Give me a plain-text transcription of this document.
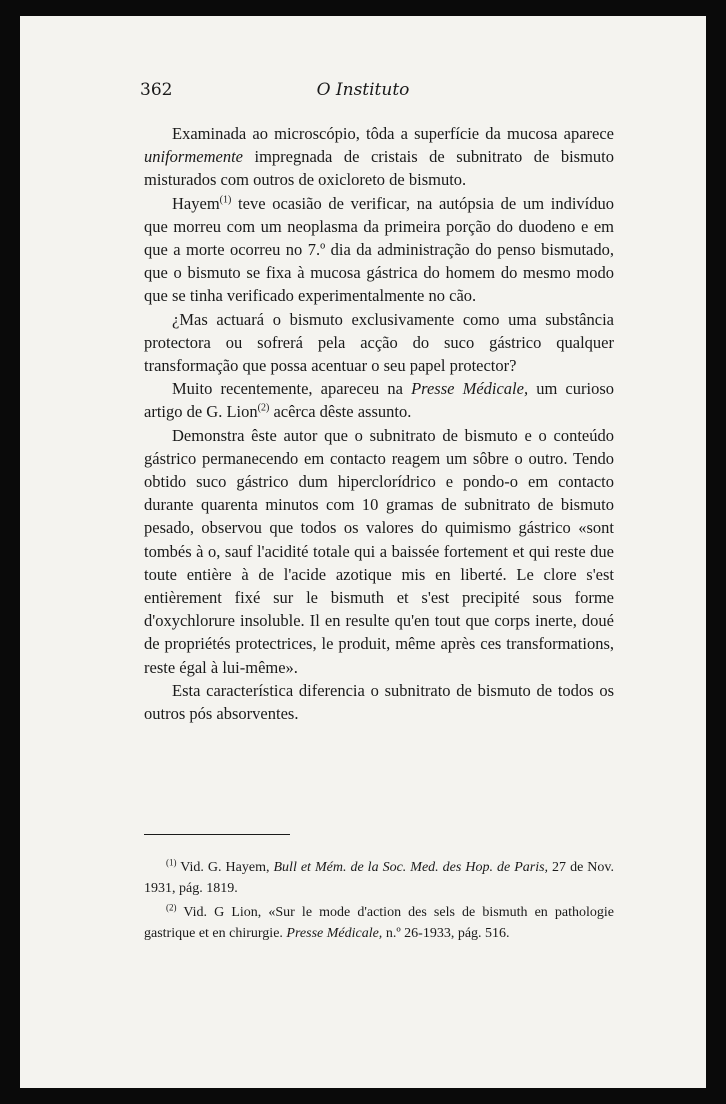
362	O Instituto

Examinada ao microscópio, tôda a superfície da mucosa aparece uniformemente impregnada de cristais de subnitrato de bismuto misturados com outros de oxicloreto de bismuto.

Hayem$^{(1)}$ teve ocasião de verificar, na autópsia de um indivíduo que morreu com um neoplasma da primeira porção do duodeno e em que a morte ocorreu no 7.º dia da administração do penso bismutado, que o bismuto se fixa à mucosa gástrica do homem do mesmo modo que se tinha verificado experimentalmente no cão.

¿Mas actuará o bismuto exclusivamente como uma substância protectora ou sofrerá pela acção do suco gástrico qualquer transformação que possa acentuar o seu papel protector?

Muito recentemente, apareceu na Presse Médicale, um curioso artigo de G. Lion$^{(2)}$ acêrca dêste assunto.

Demonstra êste autor que o subnitrato de bismuto e o conteúdo gástrico permanecendo em contacto reagem um sôbre o outro. Tendo obtido suco gástrico dum hiperclorídrico e pondo-o em contacto durante quarenta minutos com 10 gramas de subnitrato de bismuto pesado, observou que todos os valores do quimismo gástrico «sont tombés à o, sauf l'acidité totale qui a baissée fortement et qui reste due toute entière à de l'acide azotique mis en liberté. Le clore s'est entièrement fixé sur le bismuth et s'est precipité sous forme d'oxychlorure insoluble. Il en resulte qu'en tout que corps inerte, doué de propriétés protectrices, le produit, même après ces transformations, reste égal à lui-même».

Esta característica diferencia o subnitrato de bismuto de todos os outros pós absorventes.

$^{(1)}$ Vid. G. Hayem, Bull et Mém. de la Soc. Med. des Hop. de Paris, 27 de Nov. 1931, pág. 1819.

$^{(2)}$ Vid. G Lion, «Sur le mode d'action des sels de bismuth en pathologie gastrique et en chirurgie. Presse Médicale, n.º 26-1933, pág. 516.
